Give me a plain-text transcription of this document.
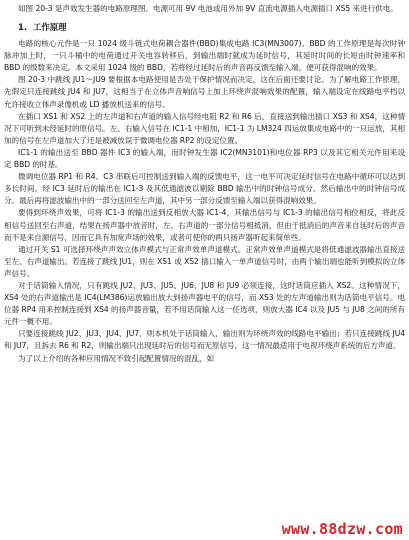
如图 20-3 是声效发生器的电路原理图。电源可用 9V 电池或用外加 9V 直流电源插入电源插口 XS5 来进行供电。

1. 工作原理

电路的核心元件是一只 1024 级斗链式电荷耦合器件(BBD)集成电路 IC3(MN3007)。BBD 的工作原理是每次时钟脉冲加上时，一只斗桶中的电荷通过开关电容转移后，到输出端时就成为延时信号，其延时时间的长短由时钟速率和 BBD 的级数来决定。本文采用 1024 级的 BBD，若将经过延时后的声音再反馈至输入端，便可获得混响的效果。

图 20-3 中跳线 JU1～JU9 要根据本电路使用是否处于保护情况而决定，这在后面还要讨论。为了解电路工作原理，先假定只连接跳线 JU4 和 JU7，这相当于在立体声音响信号上加上环绕声混响效果的配置，输入端设定在线路电平档以允许接收立体声录像机或 LD 播放机送来的信号。

在插口 XS1 和 XS2 上的左声道和右声道的输入信号经电阻 R2 和 R6 后，直接送到输出插口 XS3 和 XS4，这种情况下可听到未经延时的原信号。左、右输入信号在 IC1-1 中相加，IC1-1 为 LM324 四运放集成电路中的一只运放，其相加的信号在左声道加大了还是被减放误于微调电位器 RP2 的设定位置。

IC1-1 的输出送至 BBD 器件 IC3 的输入端，而时钟发生器 IC2(MN3101)和电位器 RP3 以及其它相关元件用来设定 BBD 的时基。

微调电位器 RP1 和 R4、C3 串联后可控制送到输入端的反馈电平，这一电平可决定延时信号在电路中循环可以达到多长时间。经 IC3 延时后的输出在 IC1-3 及其低通滤波以剔除 BBD 输出中的时钟信号成分。然后输出中的时钟信号成分。最后再将滤波输出中的一部分送回至左声道，其中另一部分反馈至输入端以获得混响效果。

要得到环绕声效果，可将 IC1-3 的输出送到反相放大器 IC1-4，其输出信号与 IC1-3 的输出信号相位相反，将此反相信号送回至右声道，结果在扬声器中放音时，左、右声道的一部分信号相抵消，但由于抵消后的声音来自延时后的声音而不是来自源信号，因而它具有加宽声场的效果，或者可使你的两只扬声器听起来简单些。

通过开关 S1 可选择环绕声声效立体声模式与正常声效单声道模式。正常声效单声道模式是将低通滤波器输出直接送至左、右声道输出。若连接了跳线 JU1，则在 XS1 或 XS2 插口输入一单声道信号时，由两个输出端也能听到模拟的立体声信号。

对于话筒输入情况，只有跳线 JU2、JU3、JU5、JU6、JU8 和 JU9 必须连接，这时话筒应插入 XS2。这种情况下，XS4 处的右声道输出是 IC4(LM386)运放输出放大到扬声器电平的信号，而 XS3 处的左声道输出则为话筒电平信号。电位器 RP4 用来控制连接到 XS4 的扬声器音量，若不用话筒输入这一任选项，则放大器 IC4 以及 JU5 与 JU8 之间的所有元件一概不用。

只要连接跳线 JU2、JU3、JU4、JU7，则本机处于话筒输入，输出则为环绕声效的线路电平输出；若只连接跳线 JU4 和 JU7，且拆去 R6 和 R2，则输出端只出现延时后的信号而无原信号，这一情况最适用于电视环绕声系统的后方声道。

为了以上介绍的各种应用情况不致引起配置情况的混乱，如

www.88dzw.com
